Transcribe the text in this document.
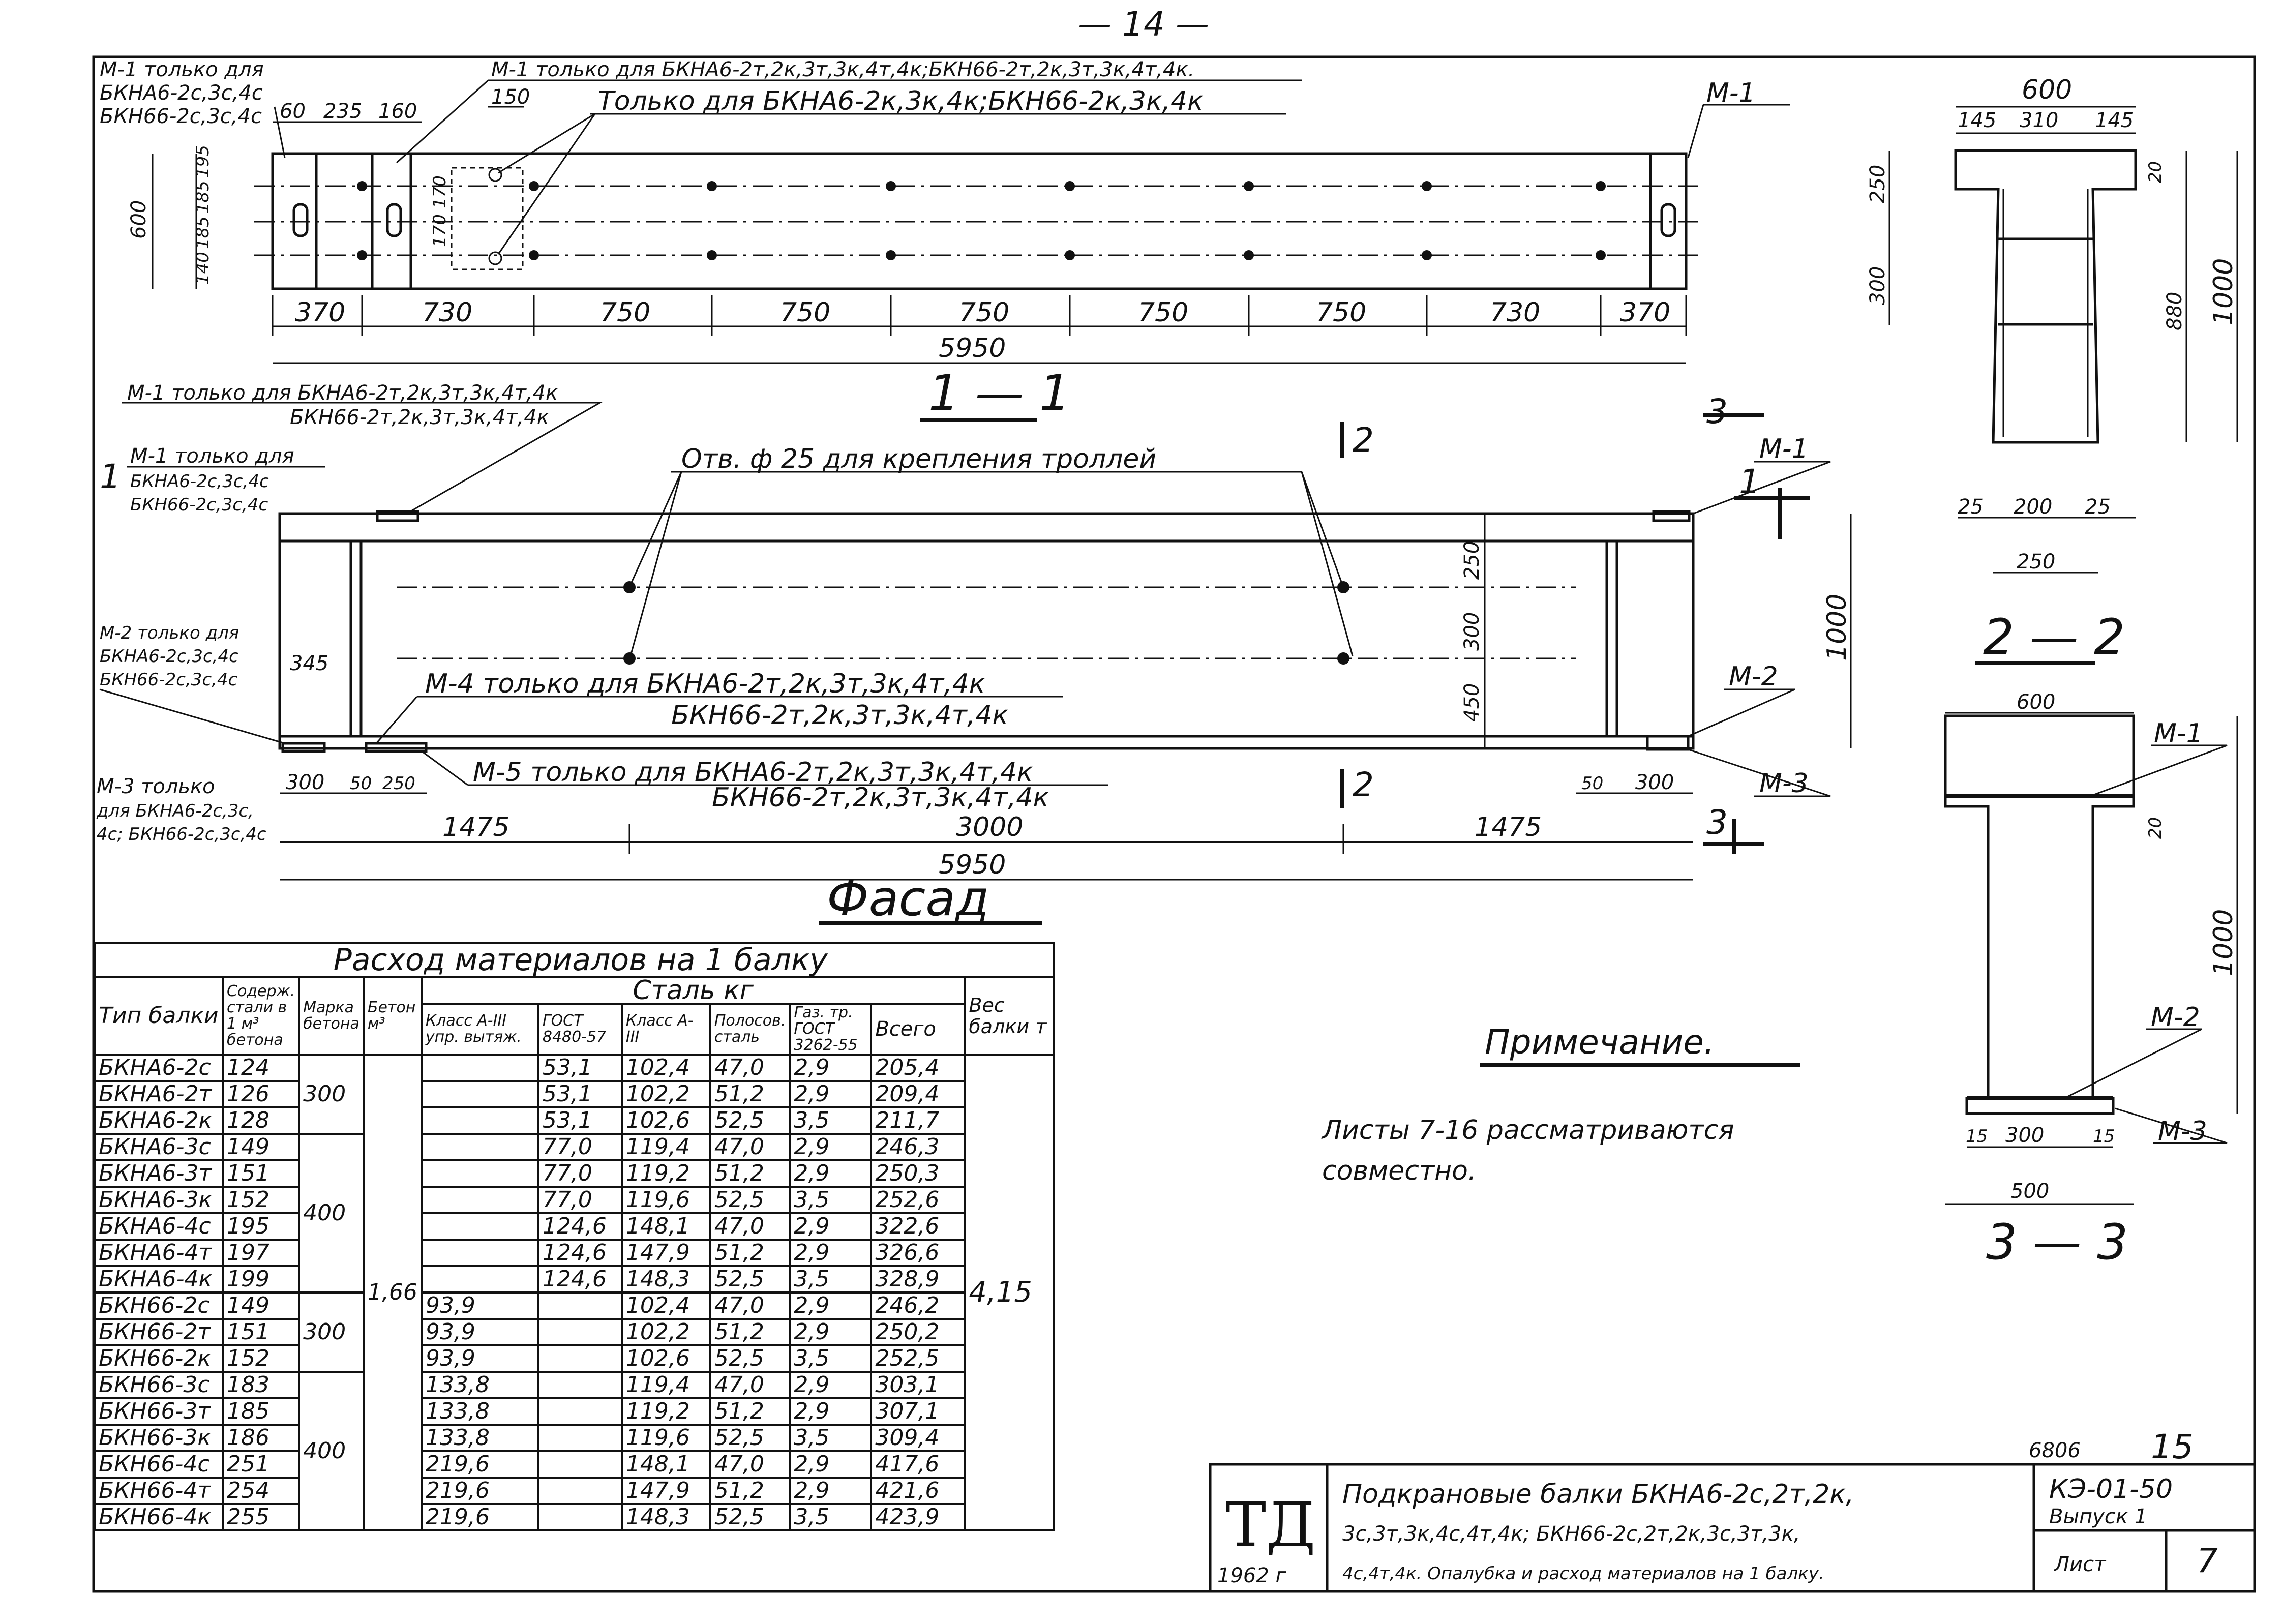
— 14 —
М-1 только для
БКНА6-2с,3с,4с
БКН66-2с,3с,4с
М-1 только для БКНА6-2т,2к,3т,3к,4т,4к;БКН66-2т,2к,3т,3к,4т,4к.
Только для БКНА6-2к,3к,4к;БКН66-2к,3к,4к	М-1
60 235 160
150
600
140
185
185
195
170
170
370	730	750	750	750	750	750	730	370
5950
1 — 1
М-1 только для БКНА6-2т,2к,3т,3к,4т,4к
БКН66-2т,2к,3т,3к,4т,4к
М-1 только для
БКНА6-2с,3с,4с
БКН66-2с,3с,4с
Отв. ф 25 для крепления троллей
М-2 только для
БКНА6-2с,3с,4с
БКН66-2с,3с,4с
М-3 только
для БКНА6-2с,3с,
4с; БКН66-2с,3с,4с
М-4 только для БКНА6-2т,2к,3т,3к,4т,4к
БКН66-2т,2к,3т,3к,4т,4к
М-5 только для БКНА6-2т,2к,3т,3к,4т,4к
БКН66-2т,2к,3т,3к,4т,4к
М-1
М-2
М-3
1	1
2
2
3
3
345
300 50 250
1475	3000	1475
50 300
250
300
450
1000
5950
Фасад
600
145 310 145
250
300
20
880 1000
25 200 25
250
2 — 2
600
20
1000
15 300	15
500
М-1
М-2
М-3
3 — 3
Примечание.
Листы 7-16 рассматриваются
совместно.
ТД
1962 г
Подкрановые балки БКНА6-2с,2т,2к,
3с,3т,3к,4с,4т,4к; БКН66-2с,2т,2к,3с,3т,3к,
4с,4т,4к. Опалубка и расход материалов на 1 балку.
КЭ-01-50
Выпуск 1
Лист	7
6806 15
Расход материалов на 1 балку										
Тип балки	Содерж. стали в 1 м³ бетона	Марка бетона	Бетон м³	Сталь кг						Вес балки т
				Класс А-III упр. вытяж.	ГОСТ 8480-57	Класс А-III	Полосов. сталь	Газ. тр. ГОСТ 3262-55	Всего	
БКНА6-2с	124	300	1,66		53,1	102,4	47,0	2,9	205,4	4,15
БКНА6-2т	126				53,1	102,2	51,2	2,9	209,4	
БКНА6-2к	128				53,1	102,6	52,5	3,5	211,7	
БКНА6-3с	149	400			77,0	119,4	47,0	2,9	246,3	
БКНА6-3т	151				77,0	119,2	51,2	2,9	250,3	
БКНА6-3к	152				77,0	119,6	52,5	3,5	252,6	
БКНА6-4с	195				124,6	148,1	47,0	2,9	322,6	
БКНА6-4т	197				124,6	147,9	51,2	2,9	326,6	
БКНА6-4к	199				124,6	148,3	52,5	3,5	328,9	
БКН66-2с	149	300		93,9		102,4	47,0	2,9	246,2	
БКН66-2т	151			93,9		102,2	51,2	2,9	250,2	
БКН66-2к	152			93,9		102,6	52,5	3,5	252,5	
БКН66-3с	183	400		133,8		119,4	47,0	2,9	303,1	
БКН66-3т	185			133,8		119,2	51,2	2,9	307,1	
БКН66-3к	186			133,8		119,6	52,5	3,5	309,4	
БКН66-4с	251			219,6		148,1	47,0	2,9	417,6	
БКН66-4т	254			219,6		147,9	51,2	2,9	421,6	
БКН66-4к	255			219,6		148,3	52,5	3,5	423,9	
